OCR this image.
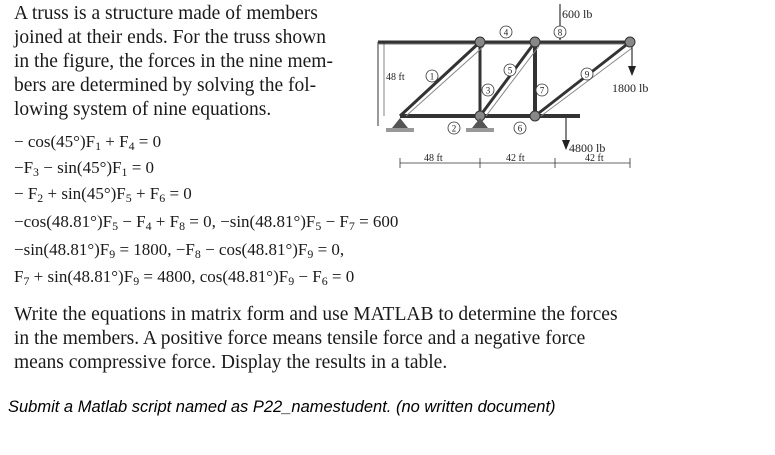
A truss is a structure made of members
joined at their ends. For the truss shown
in the figure, the forces in the nine mem-
bers are determined by solving the fol-
lowing system of nine equations.
− $\cos(45^\circ)F_1 + F_4 = 0$
$-F_3 - \sin(45^\circ)F_1 = 0$
− $F_2 + \sin(45^\circ)F_5 + F_6 = 0$
$-\cos(48.81^\circ)F_5 - F_4 + F_8 = 0$, $-\sin(48.81^\circ)F_5 - F_7 = 600$
$-\sin(48.81^\circ)F_9 = 1800$, $-F_8 - \cos(48.81^\circ)F_9 = 0$,
$F_7 + \sin(48.81^\circ)F_9 = 4800$, $\cos(48.81^\circ)F_9 - F_6 = 0$
Write the equations in matrix form and use MATLAB to determine the forces
in the members. A positive force means tensile force and a negative force
means compressive force. Display the results in a table.
Submit a Matlab script named as P22_namestudent. (no written document)
1
2
3
4
5
6
7
8
9
48 ft
600 lb
1800 lb
4800 lb
48 ft	42 ft	42 ft
